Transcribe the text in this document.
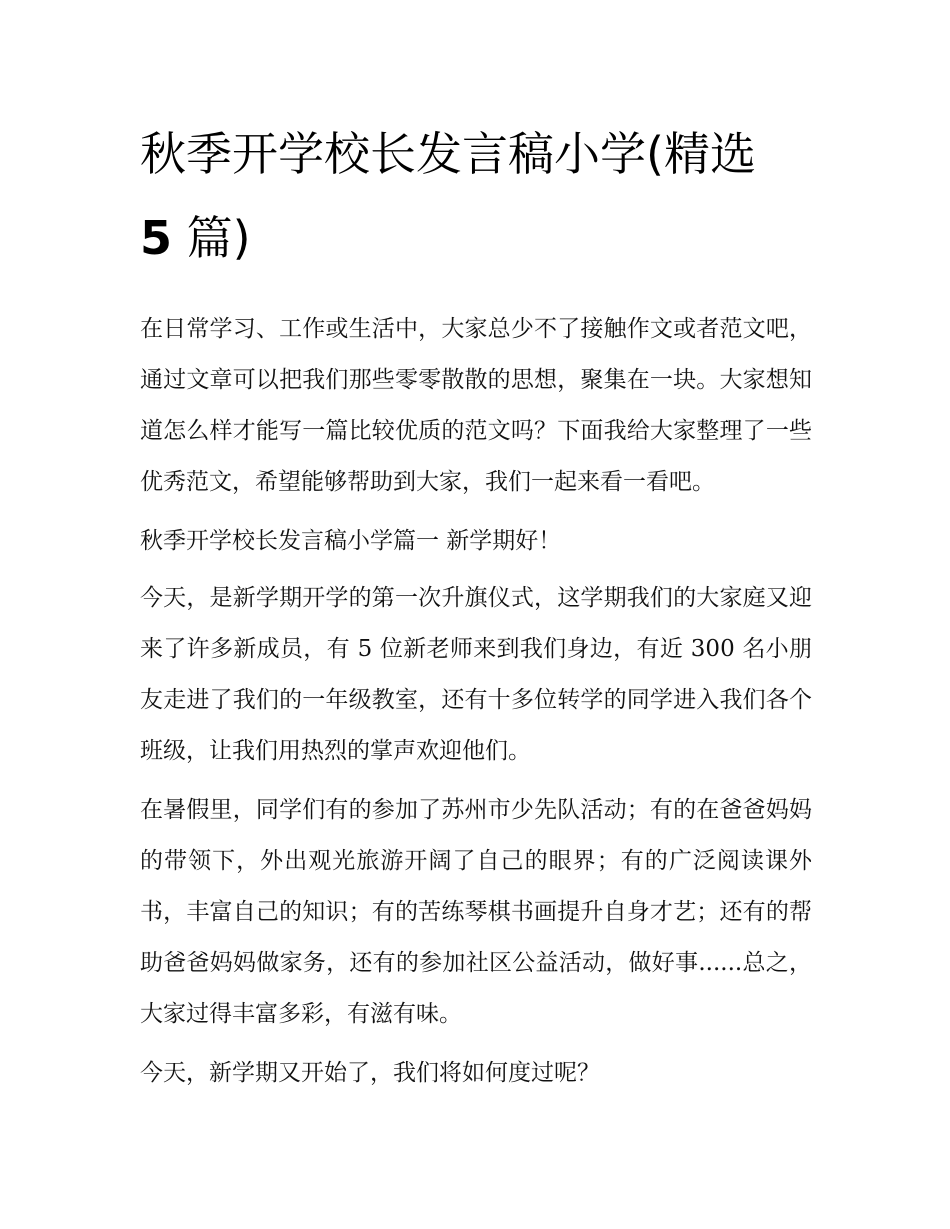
秋季开学校长发言稿小学(精选
5 篇)

在日常学习、工作或生活中，大家总少不了接触作文或者范文吧，通过文章可以把我们那些零零散散的思想，聚集在一块。大家想知道怎么样才能写一篇比较优质的范文吗？下面我给大家整理了一些优秀范文，希望能够帮助到大家，我们一起来看一看吧。

秋季开学校长发言稿小学篇一 新学期好！

今天，是新学期开学的第一次升旗仪式，这学期我们的大家庭又迎来了许多新成员，有 5 位新老师来到我们身边，有近 300 名小朋友走进了我们的一年级教室，还有十多位转学的同学进入我们各个班级，让我们用热烈的掌声欢迎他们。

在暑假里，同学们有的参加了苏州市少先队活动；有的在爸爸妈妈的带领下，外出观光旅游开阔了自己的眼界；有的广泛阅读课外书，丰富自己的知识；有的苦练琴棋书画提升自身才艺；还有的帮助爸爸妈妈做家务，还有的参加社区公益活动，做好事......总之，大家过得丰富多彩，有滋有味。

今天，新学期又开始了，我们将如何度过呢？
